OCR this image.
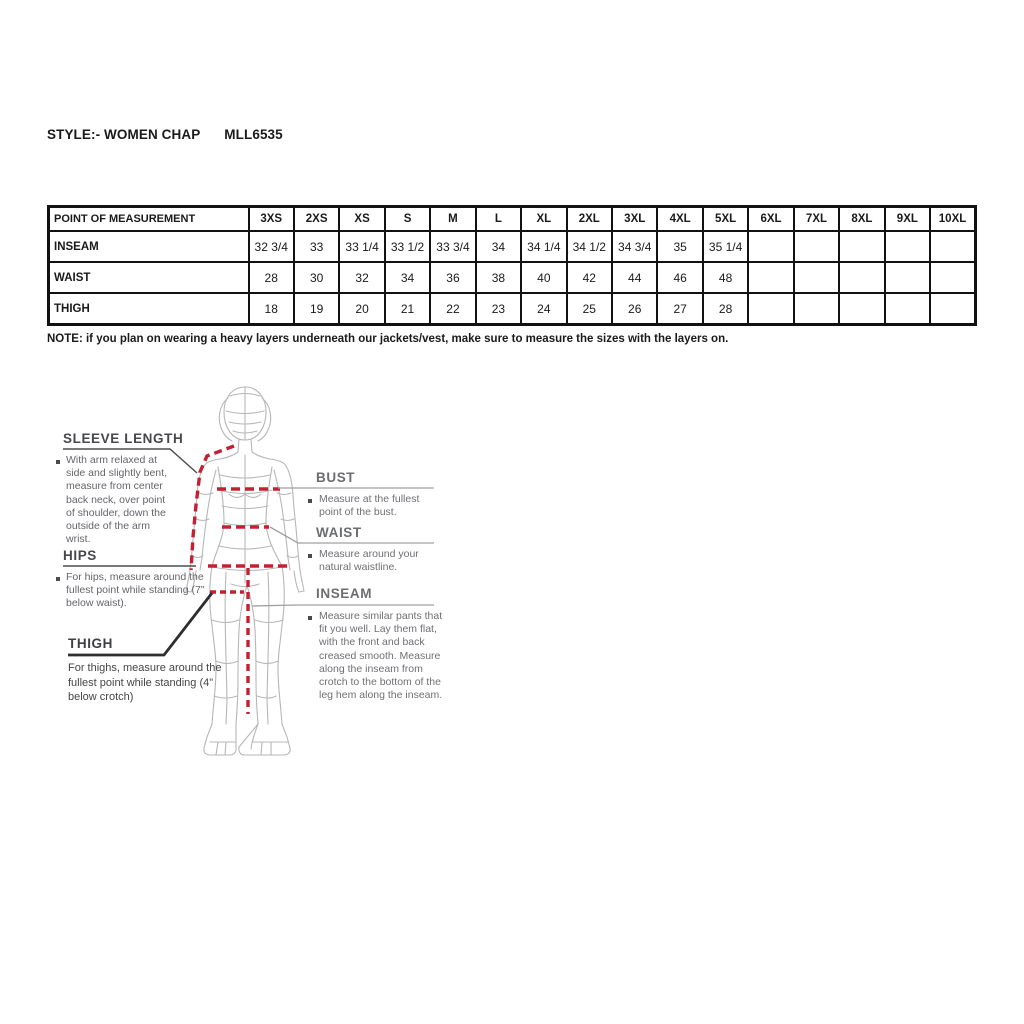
STYLE:- WOMEN CHAP MLL6535
POINT OF MEASUREMENT	3XS	2XS	XS	S	M	L	XL	2XL	3XL	4XL	5XL	6XL	7XL	8XL	9XL	10XL
INSEAM	32 3/4	33	33 1/4	33 1/2	33 3/4	34	34 1/4	34 1/2	34 3/4	35	35 1/4					
WAIST	28	30	32	34	36	38	40	42	44	46	48					
THIGH	18	19	20	21	22	23	24	25	26	27	28					
NOTE: if you plan on wearing a heavy layers underneath our jackets/vest, make sure to measure the sizes with the layers on.
SLEEVE LENGTH
With arm relaxed at side and slightly bent, measure from center back neck, over point of shoulder, down the outside of the arm wrist.
HIPS
For hips, measure around the fullest point while standing (7" below waist).
THIGH
For thighs, measure around the fullest point while standing (4" below crotch)
BUST
Measure at the fullest point of the bust.
WAIST
Measure around your natural waistline.
INSEAM
Measure similar pants that fit you well. Lay them flat, with the front and back creased smooth. Measure along the inseam from crotch to the bottom of the leg hem along the inseam.
